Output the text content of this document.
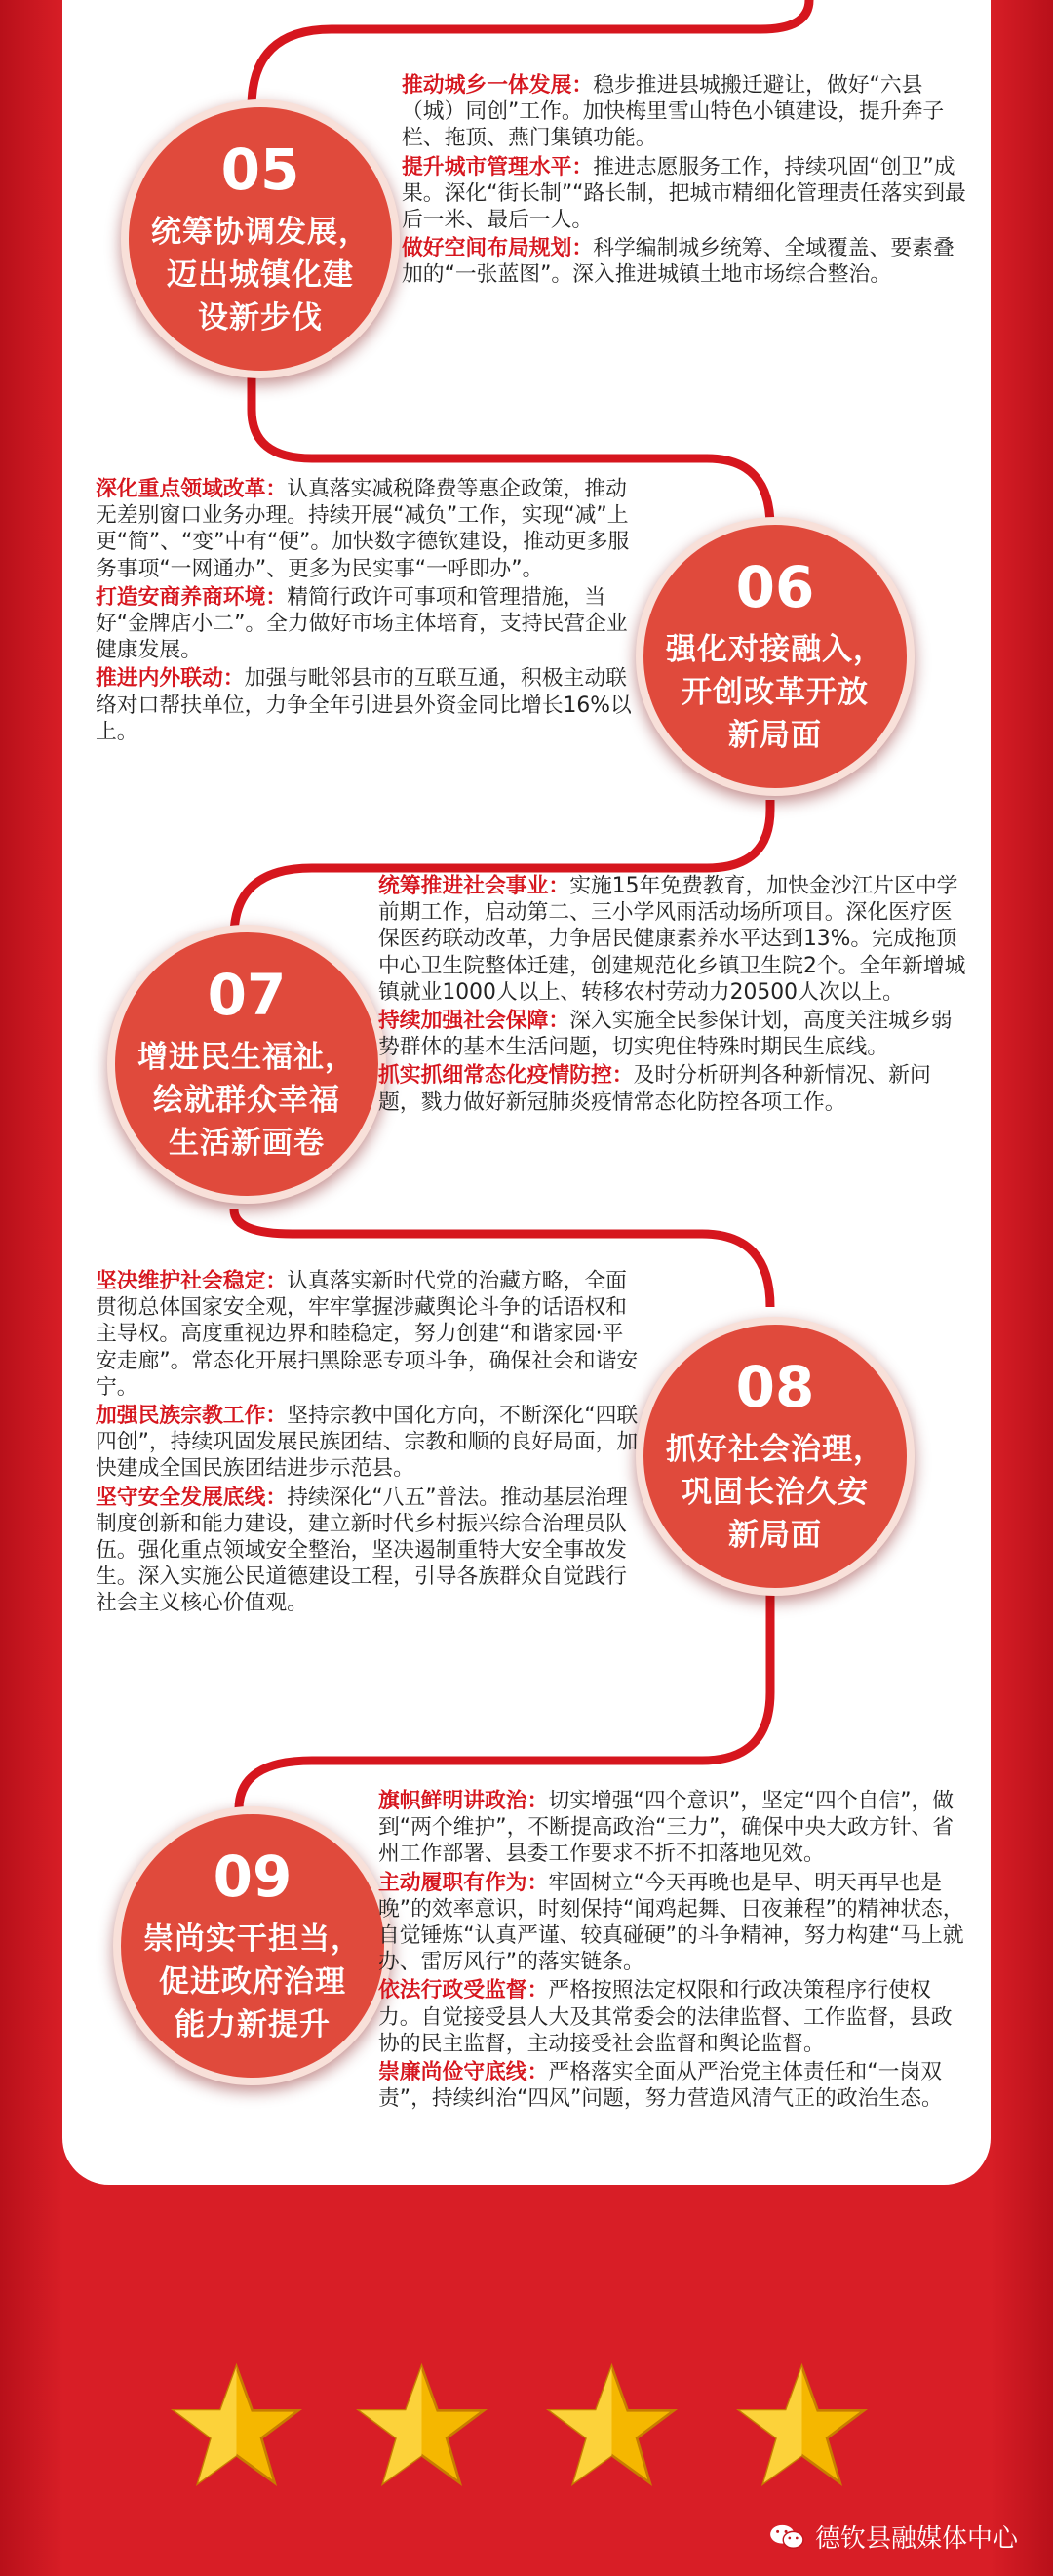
05
统筹协调发展，
迈出城镇化建
设新步伐

推动城乡一体发展：稳步推进县城搬迁避让，做好“六县（城）同创”工作。加快梅里雪山特色小镇建设，提升奔子栏、拖顶、燕门集镇功能。

提升城市管理水平：推进志愿服务工作，持续巩固“创卫”成果。深化“街长制”“路长制，把城市精细化管理责任落实到最后一米、最后一人。

做好空间布局规划：科学编制城乡统筹、全域覆盖、要素叠加的“一张蓝图”。深入推进城镇土地市场综合整治。

06
强化对接融入，
开创改革开放
新局面

深化重点领域改革：认真落实减税降费等惠企政策，推动无差别窗口业务办理。持续开展“减负”工作，实现“减”上更“简”、“变”中有“便”。加快数字德钦建设，推动更多服务事项“一网通办”、更多为民实事“一呼即办”。

打造安商养商环境：精简行政许可事项和管理措施，当好“金牌店小二”。全力做好市场主体培育，支持民营企业健康发展。

推进内外联动：加强与毗邻县市的互联互通，积极主动联络对口帮扶单位，力争全年引进县外资金同比增长16%以上。

07
增进民生福祉，
绘就群众幸福
生活新画卷

统筹推进社会事业：实施15年免费教育，加快金沙江片区中学前期工作，启动第二、三小学风雨活动场所项目。深化医疗医保医药联动改革，力争居民健康素养水平达到13%。完成拖顶中心卫生院整体迁建，创建规范化乡镇卫生院2个。全年新增城镇就业1000人以上、转移农村劳动力20500人次以上。

持续加强社会保障：深入实施全民参保计划，高度关注城乡弱势群体的基本生活问题，切实兜住特殊时期民生底线。

抓实抓细常态化疫情防控：及时分析研判各种新情况、新问题，戮力做好新冠肺炎疫情常态化防控各项工作。

08
抓好社会治理，
巩固长治久安
新局面

坚决维护社会稳定：认真落实新时代党的治藏方略，全面贯彻总体国家安全观，牢牢掌握涉藏舆论斗争的话语权和主导权。高度重视边界和睦稳定，努力创建“和谐家园·平安走廊”。常态化开展扫黑除恶专项斗争，确保社会和谐安宁。

加强民族宗教工作：坚持宗教中国化方向，不断深化“四联四创”，持续巩固发展民族团结、宗教和顺的良好局面，加快建成全国民族团结进步示范县。

坚守安全发展底线：持续深化“八五”普法。推动基层治理制度创新和能力建设，建立新时代乡村振兴综合治理员队伍。强化重点领域安全整治，坚决遏制重特大安全事故发生。深入实施公民道德建设工程，引导各族群众自觉践行社会主义核心价值观。

09
崇尚实干担当，
促进政府治理
能力新提升

旗帜鲜明讲政治：切实增强“四个意识”，坚定“四个自信”，做到“两个维护”，不断提高政治“三力”，确保中央大政方针、省州工作部署、县委工作要求不折不扣落地见效。

主动履职有作为：牢固树立“今天再晚也是早、明天再早也是晚”的效率意识，时刻保持“闻鸡起舞、日夜兼程”的精神状态，自觉锤炼“认真严谨、较真碰硬”的斗争精神，努力构建“马上就办、雷厉风行”的落实链条。

依法行政受监督：严格按照法定权限和行政决策程序行使权力。自觉接受县人大及其常委会的法律监督、工作监督，县政协的民主监督，主动接受社会监督和舆论监督。

崇廉尚俭守底线：严格落实全面从严治党主体责任和“一岗双责”，持续纠治“四风”问题，努力营造风清气正的政治生态。

德钦县融媒体中心
